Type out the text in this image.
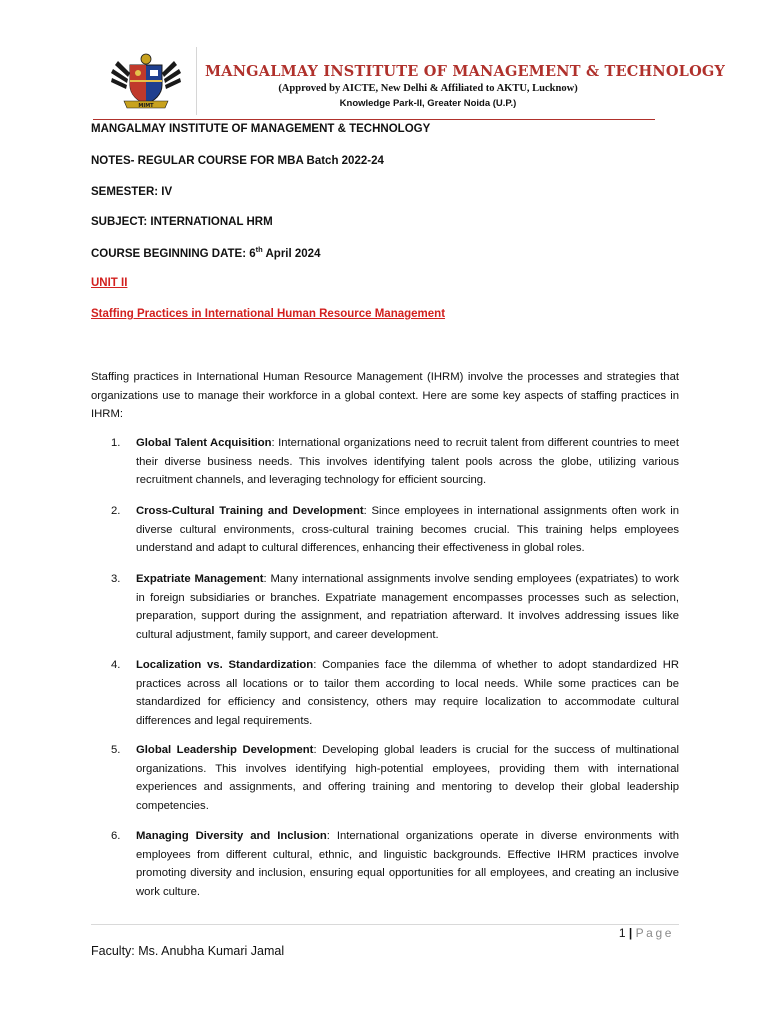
MIMT
MANGALMAY INSTITUTE OF MANAGEMENT & TECHNOLOGY
(Approved by AICTE, New Delhi & Affiliated to AKTU, Lucknow)
Knowledge Park-II, Greater Noida (U.P.)
MANGALMAY INSTITUTE OF MANAGEMENT & TECHNOLOGY
NOTES- REGULAR COURSE FOR MBA Batch 2022-24
SEMESTER: IV
SUBJECT: INTERNATIONAL HRM
COURSE BEGINNING DATE: 6th April 2024
UNIT II
Staffing Practices in International Human Resource Management
Staffing practices in International Human Resource Management (IHRM) involve the processes and strategies that organizations use to manage their workforce in a global context. Here are some key aspects of staffing practices in IHRM:
1. Global Talent Acquisition: International organizations need to recruit talent from different countries to meet their diverse business needs. This involves identifying talent pools across the globe, utilizing various recruitment channels, and leveraging technology for efficient sourcing.
2. Cross-Cultural Training and Development: Since employees in international assignments often work in diverse cultural environments, cross-cultural training becomes crucial. This training helps employees understand and adapt to cultural differences, enhancing their effectiveness in global roles.
3. Expatriate Management: Many international assignments involve sending employees (expatriates) to work in foreign subsidiaries or branches. Expatriate management encompasses processes such as selection, preparation, support during the assignment, and repatriation afterward. It involves addressing issues like cultural adjustment, family support, and career development.
4. Localization vs. Standardization: Companies face the dilemma of whether to adopt standardized HR practices across all locations or to tailor them according to local needs. While some practices can be standardized for efficiency and consistency, others may require localization to accommodate cultural differences and legal requirements.
5. Global Leadership Development: Developing global leaders is crucial for the success of multinational organizations. This involves identifying high-potential employees, providing them with international experiences and assignments, and offering training and mentoring to develop their global leadership competencies.
6. Managing Diversity and Inclusion: International organizations operate in diverse environments with employees from different cultural, ethnic, and linguistic backgrounds. Effective IHRM practices involve promoting diversity and inclusion, ensuring equal opportunities for all employees, and creating an inclusive work culture.
1 | Page
Faculty: Ms. Anubha Kumari Jamal
